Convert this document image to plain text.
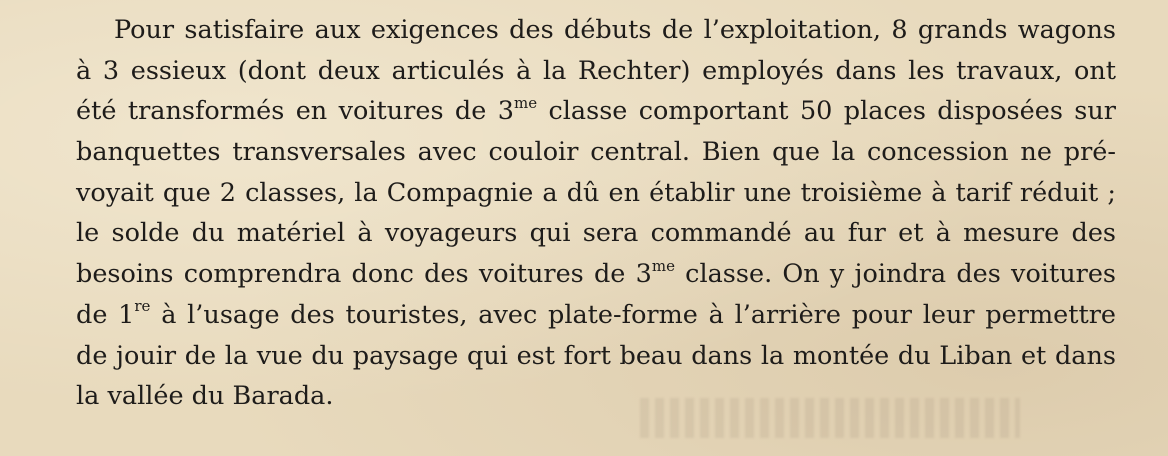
Pour satisfaire aux exigences des débuts de l’exploitation, 8 grands wagons
à 3 essieux (dont deux articulés à la Rechter) employés dans les travaux, ont
été transformés en voitures de $3^{me}$ classe comportant 50 places disposées sur
banquettes transversales avec couloir central. Bien que la concession ne pré-
voyait que 2 classes, la Compagnie a dû en établir une troisième à tarif réduit ;
le solde du matériel à voyageurs qui sera commandé au fur et à mesure des
besoins comprendra donc des voitures de $3^{me}$ classe. On y joindra des voitures
de 1re à l’usage des touristes, avec plate-forme à l’arrière pour leur permettre
de jouir de la vue du paysage qui est fort beau dans la montée du Liban et dans
la vallée du Barada.
